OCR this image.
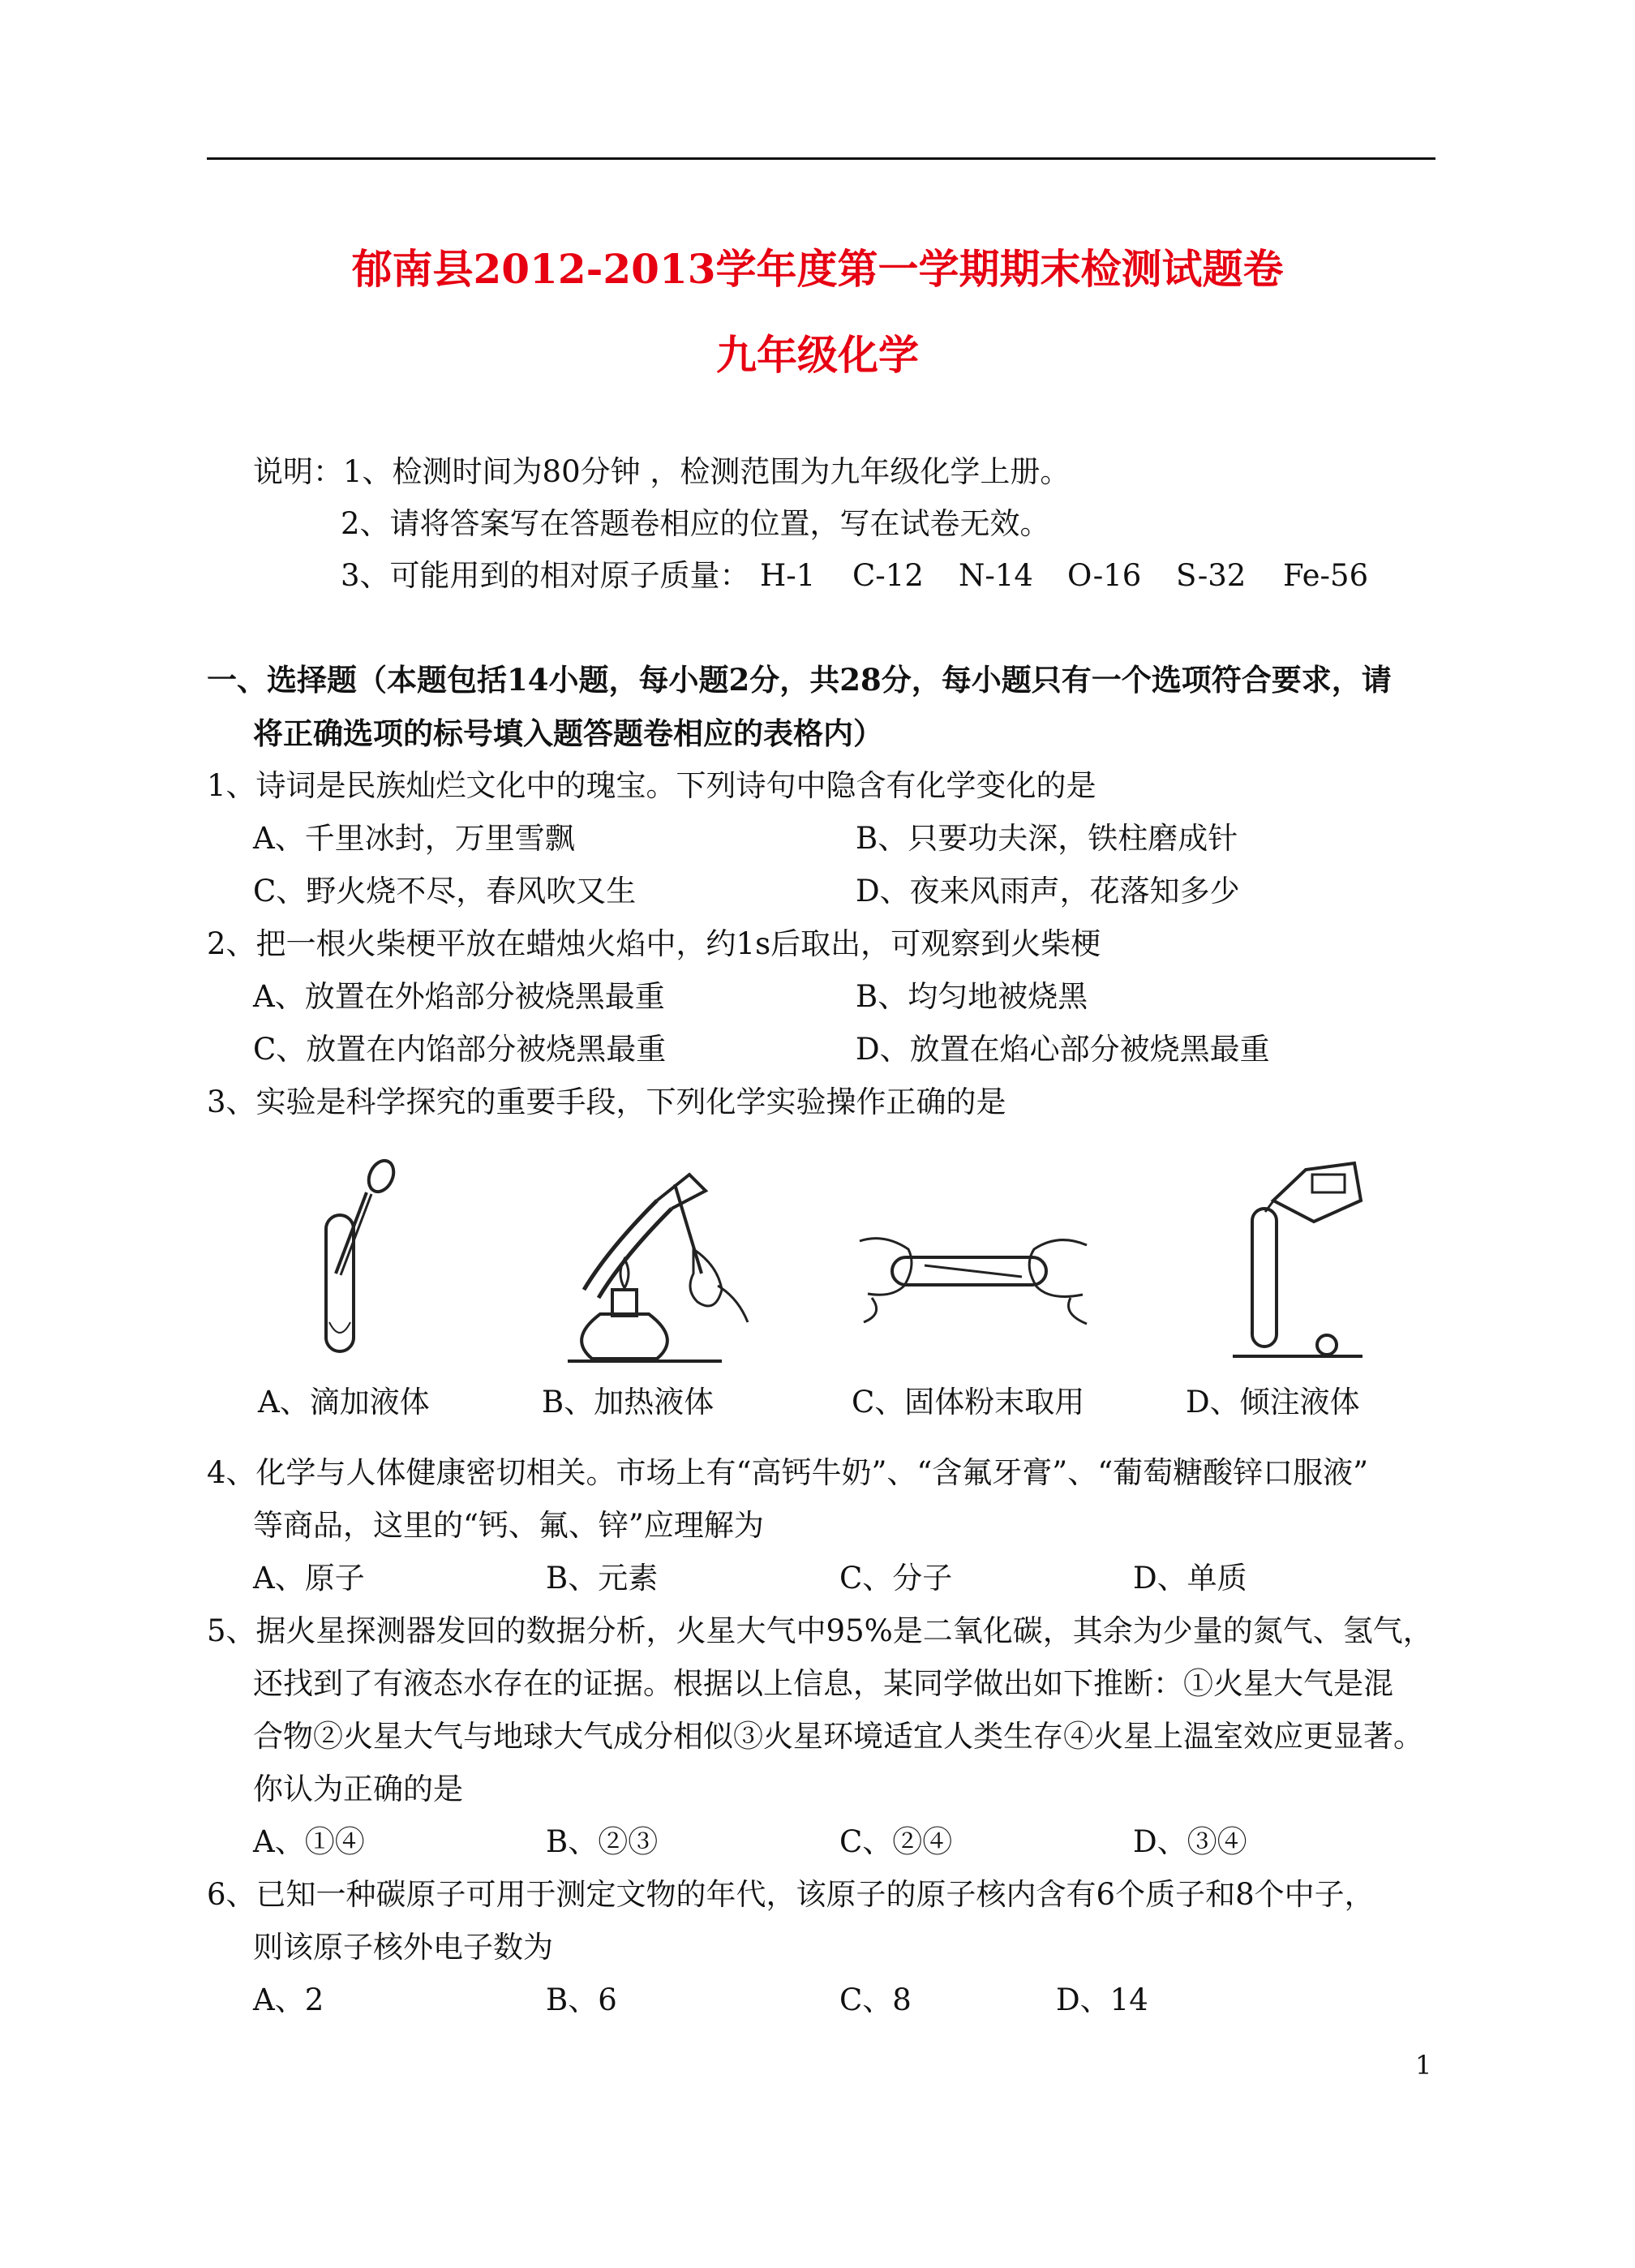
郁南县2012-2013学年度第一学期期末检测试题卷
九年级化学
说明：1、检测时间为80分钟 ，检测范围为九年级化学上册。
2、请将答案写在答题卷相应的位置，写在试卷无效。
3、可能用到的相对原子质量： H-1 C-12 N-14 O-16 S-32 Fe-56
一、选择题（本题包括14小题，每小题2分，共28分，每小题只有一个选项符合要求，请
将正确选项的标号填入题答题卷相应的表格内）
1、诗词是民族灿烂文化中的瑰宝。下列诗句中隐含有化学变化的是
A、千里冰封，万里雪飘	B、只要功夫深，铁柱磨成针
C、野火烧不尽，春风吹又生	D、夜来风雨声，花落知多少
2、把一根火柴梗平放在蜡烛火焰中，约1s后取出，可观察到火柴梗
A、放置在外焰部分被烧黑最重	B、均匀地被烧黑
C、放置在内馅部分被烧黑最重	D、放置在焰心部分被烧黑最重
3、实验是科学探究的重要手段，下列化学实验操作正确的是
A、滴加液体	B、加热液体	C、固体粉末取用	D、倾注液体
4、化学与人体健康密切相关。市场上有“高钙牛奶”、“含氟牙膏”、“葡萄糖酸锌口服液”
等商品，这里的“钙、氟、锌”应理解为
A、原子	B、元素	C、分子	D、单质
5、据火星探测器发回的数据分析，火星大气中95%是二氧化碳，其余为少量的氮气、氢气，
还找到了有液态水存在的证据。根据以上信息，某同学做出如下推断：①火星大气是混
合物②火星大气与地球大气成分相似③火星环境适宜人类生存④火星上温室效应更显著。
你认为正确的是
A、①④	B、②③	C、②④	D、③④
6、已知一种碳原子可用于测定文物的年代，该原子的原子核内含有6个质子和8个中子，
则该原子核外电子数为
A、2	B、6	C、8	D、14
1
